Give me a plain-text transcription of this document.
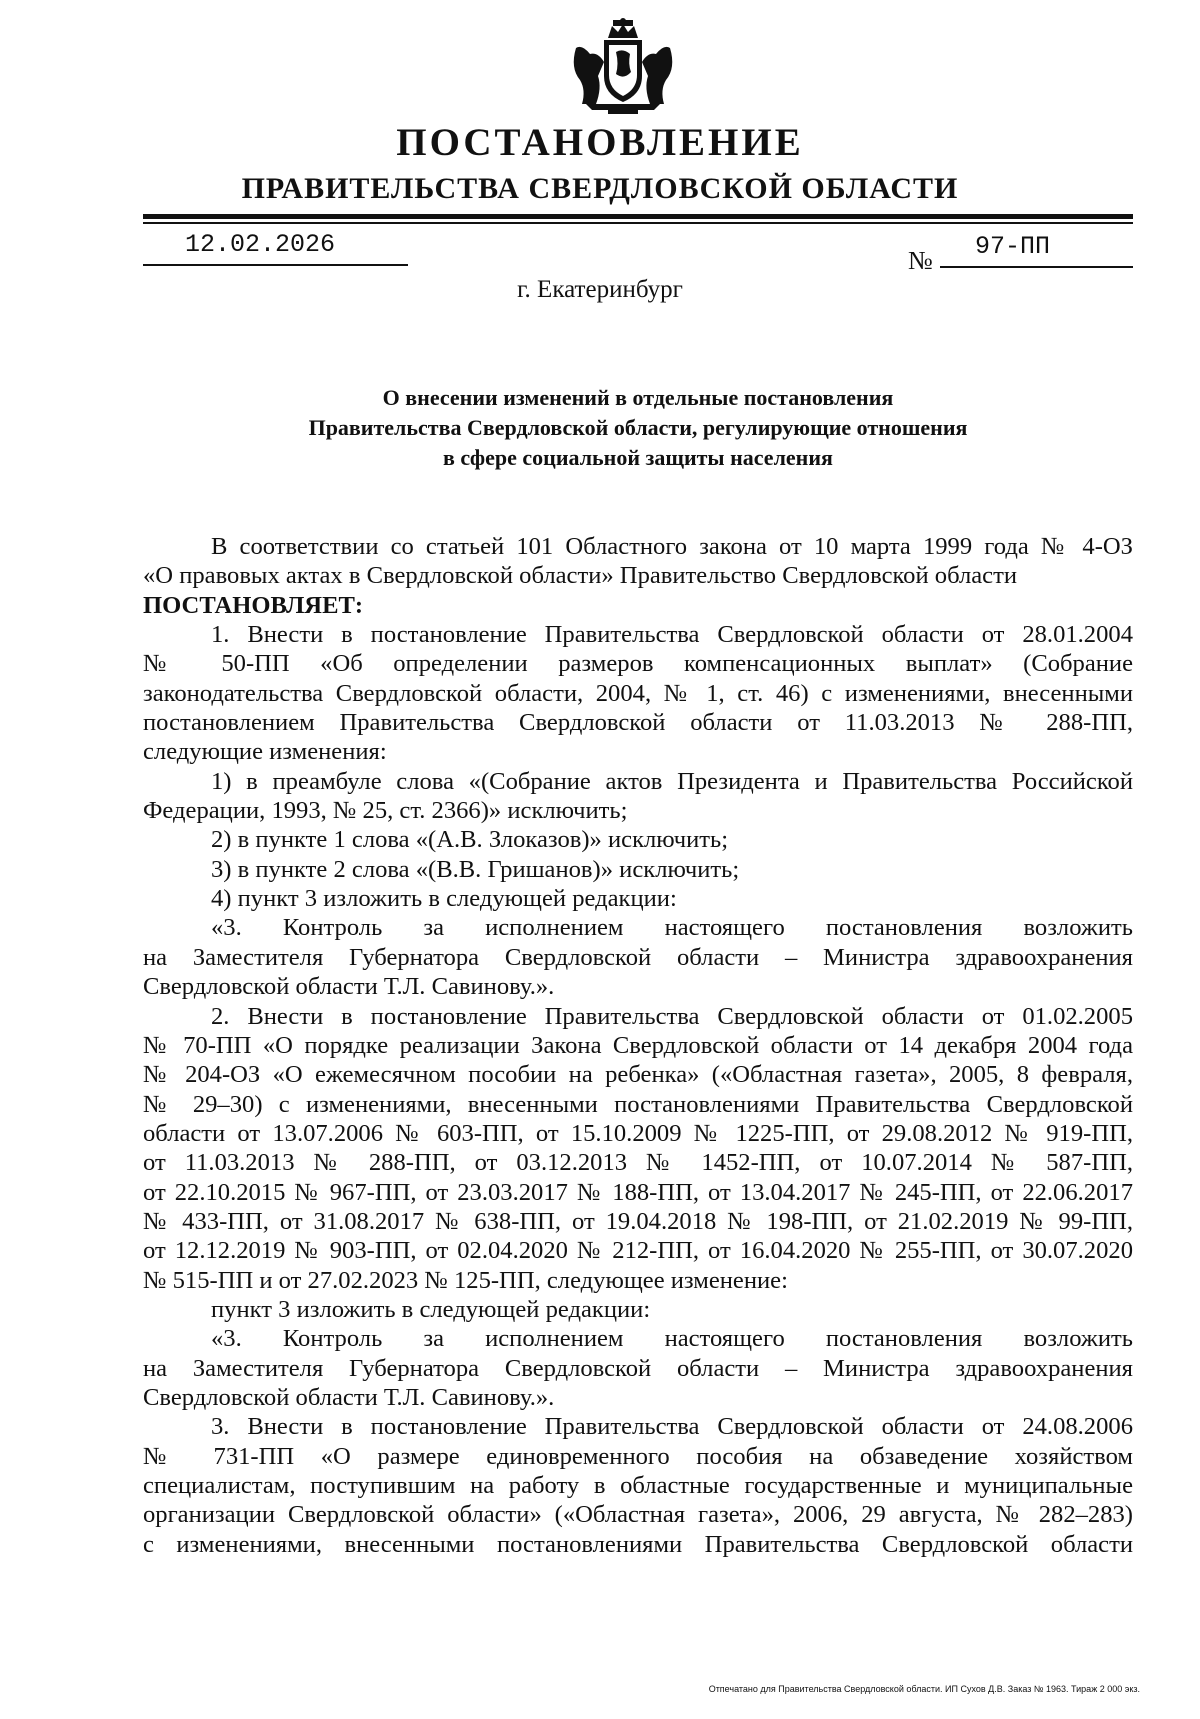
ПОСТАНОВЛЕНИЕ
ПРАВИТЕЛЬСТВА СВЕРДЛОВСКОЙ ОБЛАСТИ
12.02.2026
№ 97-ПП
г. Екатеринбург
О внесении изменений в отдельные постановления
Правительства Свердловской области, регулирующие отношения
в сфере социальной защиты населения
В соответствии со статьей 101 Областного закона от 10 марта 1999 года № 4-ОЗ
«О правовых актах в Свердловской области» Правительство Свердловской области
ПОСТАНОВЛЯЕТ:
1. Внести в постановление Правительства Свердловской области от 28.01.2004
№ 50-ПП «Об определении размеров компенсационных выплат» (Собрание
законодательства Свердловской области, 2004, № 1, ст. 46) с изменениями, внесенными
постановлением Правительства Свердловской области от 11.03.2013 № 288-ПП,
следующие изменения:
1) в преамбуле слова «(Собрание актов Президента и Правительства Российской
Федерации, 1993, № 25, ст. 2366)» исключить;
2) в пункте 1 слова «(А.В. Злоказов)» исключить;
3) в пункте 2 слова «(В.В. Гришанов)» исключить;
4) пункт 3 изложить в следующей редакции:
«3. Контроль за исполнением настоящего постановления возложить
на Заместителя Губернатора Свердловской области – Министра здравоохранения
Свердловской области Т.Л. Савинову.».
2. Внести в постановление Правительства Свердловской области от 01.02.2005
№ 70-ПП «О порядке реализации Закона Свердловской области от 14 декабря 2004 года
№ 204-ОЗ «О ежемесячном пособии на ребенка» («Областная газета», 2005, 8 февраля,
№ 29–30) с изменениями, внесенными постановлениями Правительства Свердловской
области от 13.07.2006 № 603-ПП, от 15.10.2009 № 1225-ПП, от 29.08.2012 № 919-ПП,
от 11.03.2013 № 288-ПП, от 03.12.2013 № 1452-ПП, от 10.07.2014 № 587-ПП,
от 22.10.2015 № 967-ПП, от 23.03.2017 № 188-ПП, от 13.04.2017 № 245-ПП, от 22.06.2017
№ 433-ПП, от 31.08.2017 № 638-ПП, от 19.04.2018 № 198-ПП, от 21.02.2019 № 99-ПП,
от 12.12.2019 № 903-ПП, от 02.04.2020 № 212-ПП, от 16.04.2020 № 255-ПП, от 30.07.2020
№ 515-ПП и от 27.02.2023 № 125-ПП, следующее изменение:
пункт 3 изложить в следующей редакции:
«3. Контроль за исполнением настоящего постановления возложить
на Заместителя Губернатора Свердловской области – Министра здравоохранения
Свердловской области Т.Л. Савинову.».
3. Внести в постановление Правительства Свердловской области от 24.08.2006
№ 731-ПП «О размере единовременного пособия на обзаведение хозяйством
специалистам, поступившим на работу в областные государственные и муниципальные
организации Свердловской области» («Областная газета», 2006, 29 августа, № 282–283)
с изменениями, внесенными постановлениями Правительства Свердловской области
Отпечатано для Правительства Свердловской области. ИП Сухов Д.В. Заказ № 1963. Тираж 2 000 экз.
